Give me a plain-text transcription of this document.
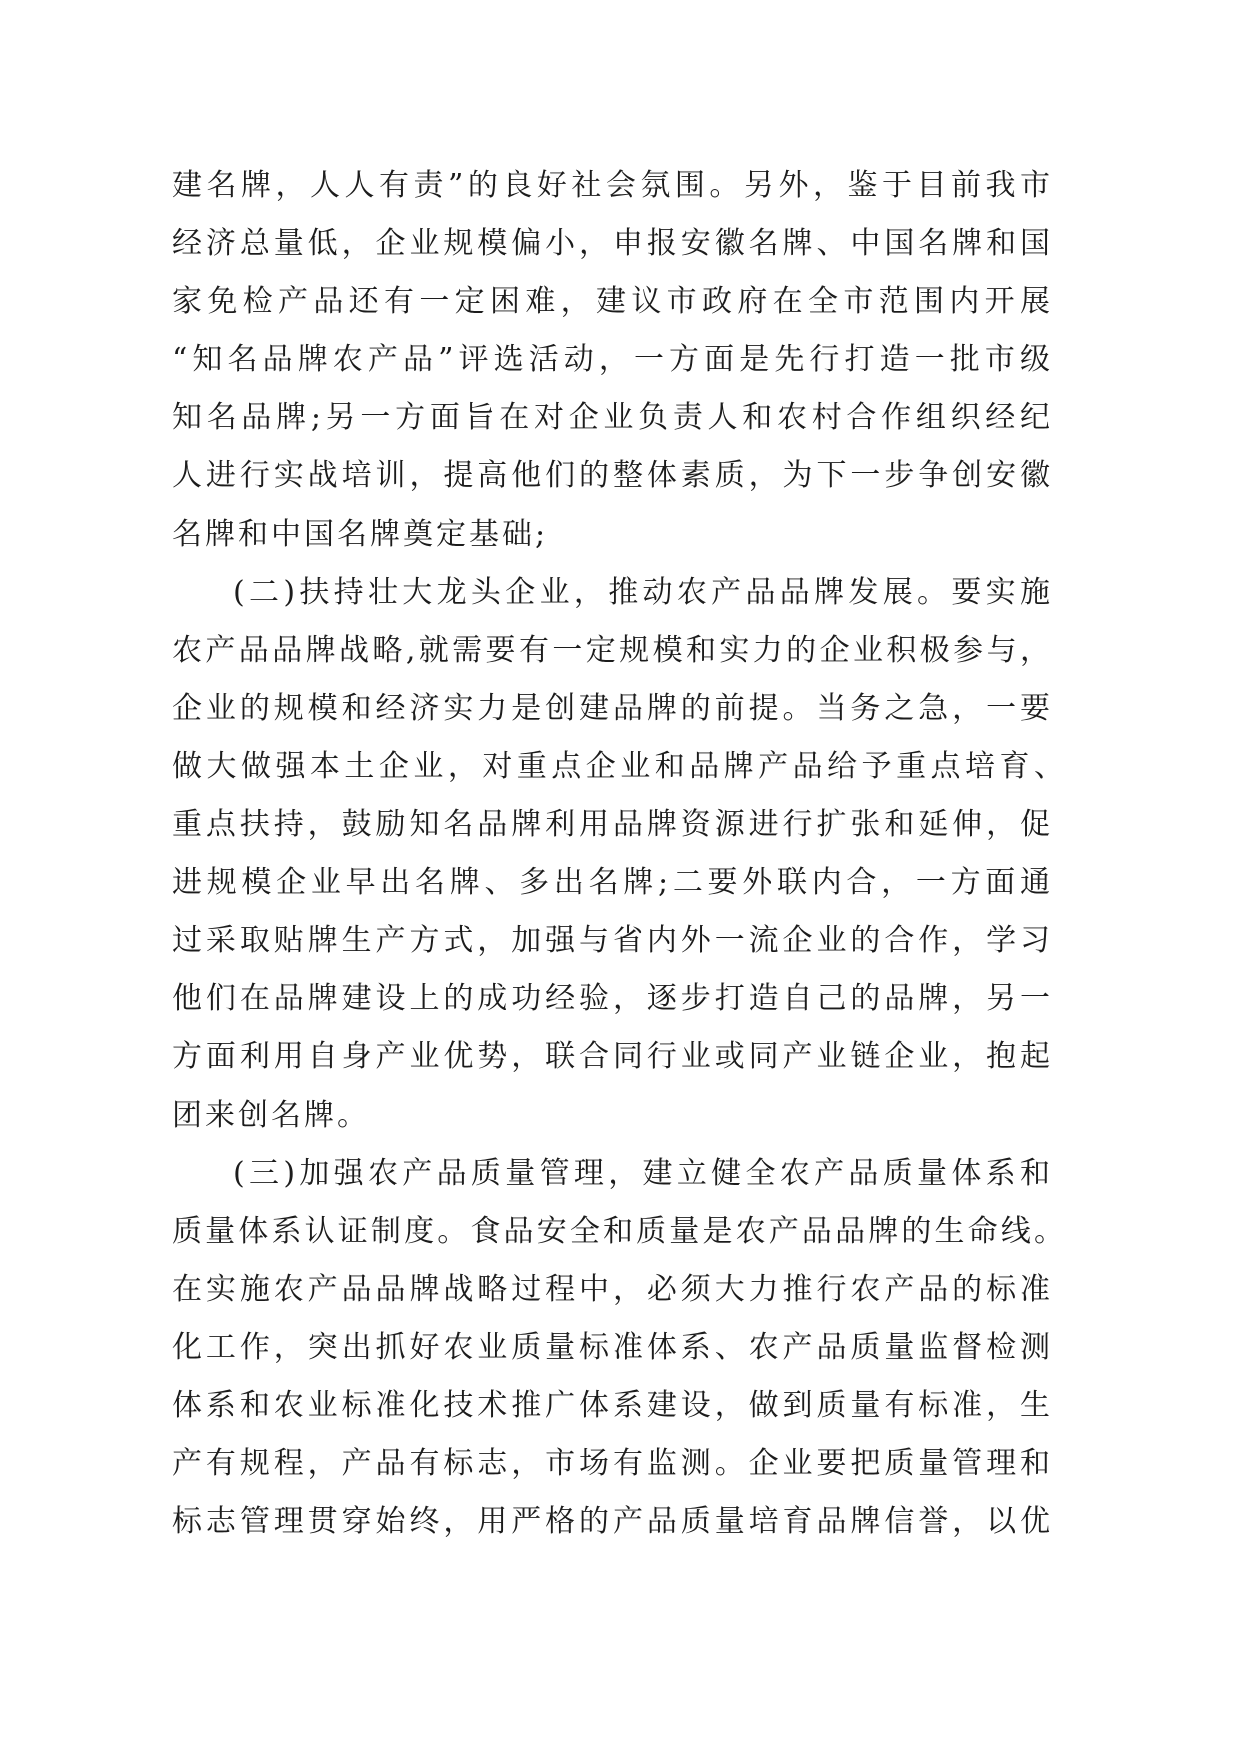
建名牌，人人有责”的良好社会氛围。另外，鉴于目前我市
经济总量低，企业规模偏小，申报安徽名牌、中国名牌和国
家免检产品还有一定困难，建议市政府在全市范围内开展
“知名品牌农产品”评选活动，一方面是先行打造一批市级
知名品牌;另一方面旨在对企业负责人和农村合作组织经纪
人进行实战培训，提高他们的整体素质，为下一步争创安徽
名牌和中国名牌奠定基础;
(二)扶持壮大龙头企业，推动农产品品牌发展。要实施
农产品品牌战略,就需要有一定规模和实力的企业积极参与，
企业的规模和经济实力是创建品牌的前提。当务之急，一要
做大做强本土企业，对重点企业和品牌产品给予重点培育、
重点扶持，鼓励知名品牌利用品牌资源进行扩张和延伸，促
进规模企业早出名牌、多出名牌;二要外联内合，一方面通
过采取贴牌生产方式，加强与省内外一流企业的合作，学习
他们在品牌建设上的成功经验，逐步打造自己的品牌，另一
方面利用自身产业优势，联合同行业或同产业链企业，抱起
团来创名牌。
(三)加强农产品质量管理，建立健全农产品质量体系和
质量体系认证制度。食品安全和质量是农产品品牌的生命线。
在实施农产品品牌战略过程中，必须大力推行农产品的标准
化工作，突出抓好农业质量标准体系、农产品质量监督检测
体系和农业标准化技术推广体系建设，做到质量有标准，生
产有规程，产品有标志，市场有监测。企业要把质量管理和
标志管理贯穿始终，用严格的产品质量培育品牌信誉，以优
